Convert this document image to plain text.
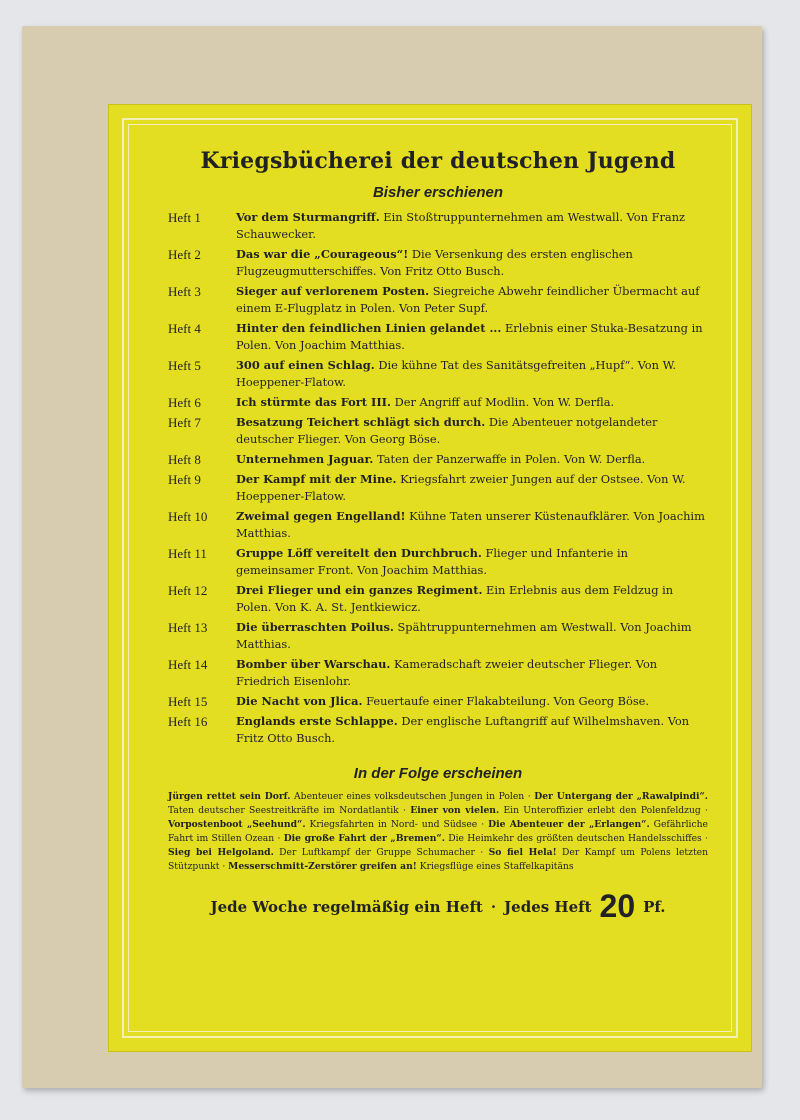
Kriegsbücherei der deutschen Jugend
Bisher erschienen
Heft 1	Vor dem Sturmangriff. Ein Stoßtruppunternehmen am Westwall. Von Franz Schauwecker.
Heft 2	Das war die „Courageous“! Die Versenkung des ersten englischen Flugzeugmutterschiffes. Von Fritz Otto Busch.
Heft 3	Sieger auf verlorenem Posten. Siegreiche Abwehr feindlicher Übermacht auf einem E-Flugplatz in Polen. Von Peter Supf.
Heft 4	Hinter den feindlichen Linien gelandet ... Erlebnis einer Stuka-Besatzung in Polen. Von Joachim Matthias.
Heft 5	300 auf einen Schlag. Die kühne Tat des Sanitätsgefreiten „Hupf“. Von W. Hoeppener-Flatow.
Heft 6	Ich stürmte das Fort III. Der Angriff auf Modlin. Von W. Derfla.
Heft 7	Besatzung Teichert schlägt sich durch. Die Abenteuer notgelandeter deutscher Flieger. Von Georg Böse.
Heft 8	Unternehmen Jaguar. Taten der Panzerwaffe in Polen. Von W. Derfla.
Heft 9	Der Kampf mit der Mine. Kriegsfahrt zweier Jungen auf der Ostsee. Von W. Hoeppener-Flatow.
Heft 10	Zweimal gegen Engelland! Kühne Taten unserer Küstenaufklärer. Von Joachim Matthias.
Heft 11	Gruppe Löff vereitelt den Durchbruch. Flieger und Infanterie in gemeinsamer Front. Von Joachim Matthias.
Heft 12	Drei Flieger und ein ganzes Regiment. Ein Erlebnis aus dem Feldzug in Polen. Von K. A. St. Jentkiewicz.
Heft 13	Die überraschten Poilus. Spähtruppunternehmen am Westwall. Von Joachim Matthias.
Heft 14	Bomber über Warschau. Kameradschaft zweier deutscher Flieger. Von Friedrich Eisenlohr.
Heft 15	Die Nacht von Jlica. Feuertaufe einer Flakabteilung. Von Georg Böse.
Heft 16	Englands erste Schlappe. Der englische Luftangriff auf Wilhelmshaven. Von Fritz Otto Busch.
In der Folge erscheinen
Jürgen rettet sein Dorf. Abenteuer eines volksdeutschen Jungen in Polen · Der Untergang der „Rawalpindi“. Taten deutscher Seestreitkräfte im Nordatlantik · Einer von vielen. Ein Unteroffizier erlebt den Polenfeldzug · Vorpostenboot „Seehund“. Kriegsfahrten in Nord- und Südsee · Die Abenteuer der „Erlangen“. Gefährliche Fahrt im Stillen Ozean · Die große Fahrt der „Bremen“. Die Heimkehr des größten deutschen Handelsschiffes · Sieg bei Helgoland. Der Luftkampf der Gruppe Schumacher · So fiel Hela! Der Kampf um Polens letzten Stützpunkt · Messerschmitt-Zerstörer greifen an! Kriegsflüge eines Staffelkapitäns
Jede Woche regelmäßig ein Heft · Jedes Heft 20 Pf.
